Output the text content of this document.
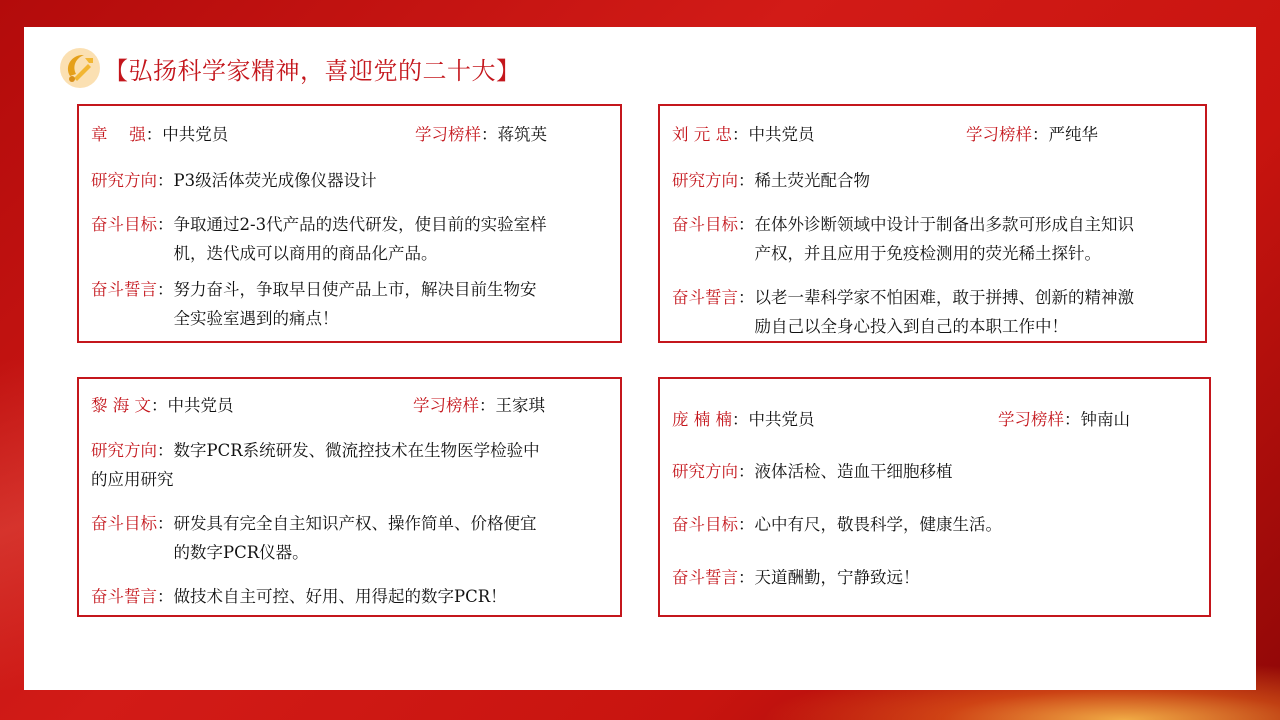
【弘扬科学家精神，喜迎党的二十大】
章　 强：中共党员	学习榜样：蒋筑英
研究方向 ： P3级活体荧光成像仪器设计
奋斗目标 ： 争取通过2-3代产品的迭代研发，使目前的实验室样
机，迭代成可以商用的商品化产品。
奋斗誓言 ： 努力奋斗，争取早日使产品上市，解决目前生物安
全实验室遇到的痛点！
刘 元 忠：中共党员	学习榜样：严纯华
研究方向 ： 稀土荧光配合物
奋斗目标 ： 在体外诊断领域中设计于制备出多款可形成自主知识
产权，并且应用于免疫检测用的荧光稀土探针。
奋斗誓言 ： 以老一辈科学家不怕困难，敢于拼搏、创新的精神激
励自己以全身心投入到自己的本职工作中！
黎 海 文：中共党员	学习榜样：王家琪
研究方向：数字PCR系统研发、微流控技术在生物医学检验中
的应用研究
奋斗目标 ： 研发具有完全自主知识产权、操作简单、价格便宜
的数字PCR仪器。
奋斗誓言 ： 做技术自主可控、好用、用得起的数字PCR！
庞 楠 楠：中共党员	学习榜样：钟南山
研究方向 ： 液体活检、造血干细胞移植
奋斗目标 ： 心中有尺，敬畏科学，健康生活。
奋斗誓言 ： 天道酬勤，宁静致远！
